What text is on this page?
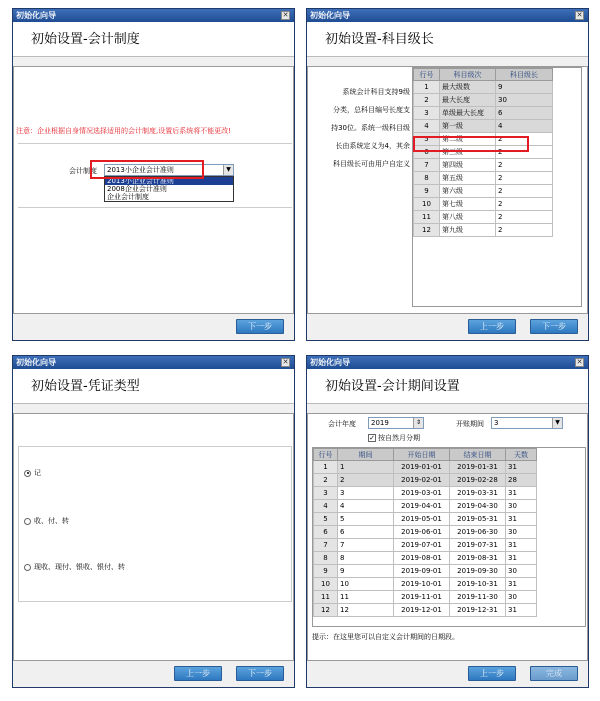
初始化向导	✕
初始设置-会计制度
注意：企业根据自身情况选择适用的会计制度,设置后系统将不能更改!
会计制度	2013小企业会计准则	▼
2013小企业会计准则
2008企业会计准则
企业会计制度
下一步
初始化向导	✕
初始设置-科目级长
系统会计科目支持9级
分类，总科目编号长度支
持30位。系统一级科目级
长由系统定义为4，其余
科目级长可由用户自定义
行号	科目级次	科目级长
1	最大级数	9
2	最大长度	30
3	单级最大长度	6
4	第一级	4
5	第二级	2
6	第三级	2
7	第四级	2
8	第五级	2
9	第六级	2
10	第七级	2
11	第八级	2
12	第九级	2
上一步	下一步
初始化向导	✕
初始设置-凭证类型
记
收、付、转
现收、现付、银收、银付、转
上一步	下一步
初始化向导	✕
初始设置-会计期间设置
会计年度	2019	⇕	开账期间	3	▼
✓ 按自然月分期
行号	期间	开始日期	结束日期	天数
1	1	2019-01-01	2019-01-31	31
2	2	2019-02-01	2019-02-28	28
3	3	2019-03-01	2019-03-31	31
4	4	2019-04-01	2019-04-30	30
5	5	2019-05-01	2019-05-31	31
6	6	2019-06-01	2019-06-30	30
7	7	2019-07-01	2019-07-31	31
8	8	2019-08-01	2019-08-31	31
9	9	2019-09-01	2019-09-30	30
10	10	2019-10-01	2019-10-31	31
11	11	2019-11-01	2019-11-30	30
12	12	2019-12-01	2019-12-31	31
提示：在这里您可以自定义会计期间的日期段。
上一步	完成
